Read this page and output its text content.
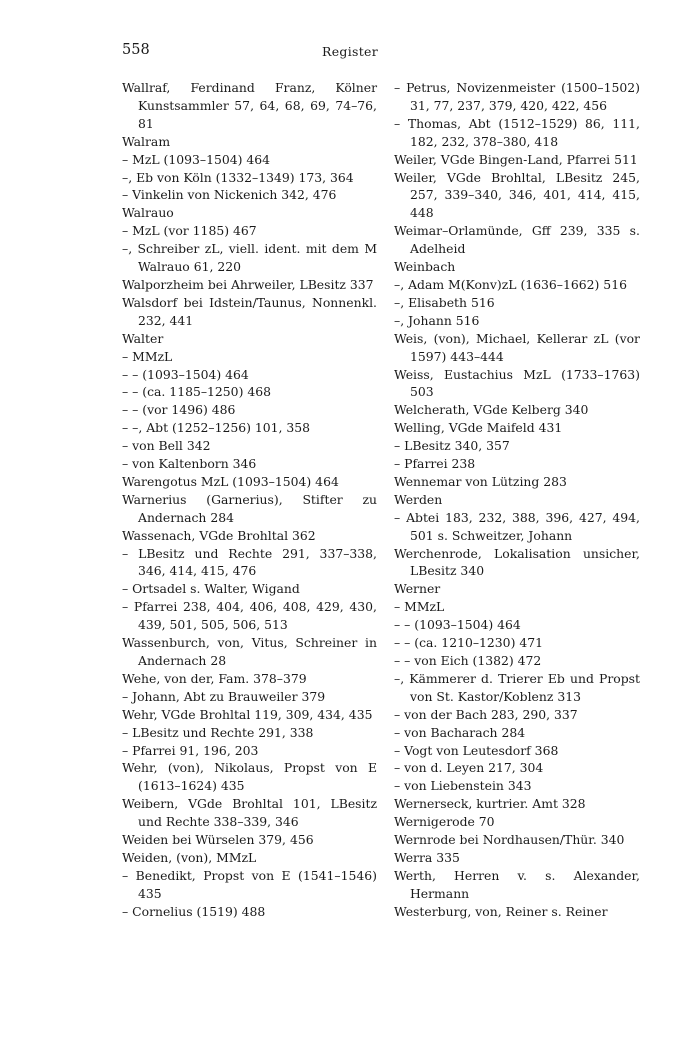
558	Register
Wallraf, Ferdinand Franz, Kölner Kunstsammler 57, 64, 68, 69, 74–76, 81
Walram
– MzL (1093–1504) 464
–, Eb von Köln (1332–1349) 173, 364
– Vinkelin von Nickenich 342, 476
Walrauo
– MzL (vor 1185) 467
–, Schreiber zL, viell. ident. mit dem M Walrauo 61, 220
Walporzheim bei Ahrweiler, LBesitz 337
Walsdorf bei Idstein/Taunus, Nonnenkl. 232, 441
Walter
– MMzL
– – (1093–1504) 464
– – (ca. 1185–1250) 468
– – (vor 1496) 486
– –, Abt (1252–1256) 101, 358
– von Bell 342
– von Kaltenborn 346
Warengotus MzL (1093–1504) 464
Warnerius (Garnerius), Stifter zu Andernach 284
Wassenach, VGde Brohltal 362
– LBesitz und Rechte 291, 337–338, 346, 414, 415, 476
– Ortsadel s. Walter, Wigand
– Pfarrei 238, 404, 406, 408, 429, 430, 439, 501, 505, 506, 513
Wassenburch, von, Vitus, Schreiner in Andernach 28
Wehe, von der, Fam. 378–379
– Johann, Abt zu Brauweiler 379
Wehr, VGde Brohltal 119, 309, 434, 435
– LBesitz und Rechte 291, 338
– Pfarrei 91, 196, 203
Wehr, (von), Nikolaus, Propst von E (1613–1624) 435
Weibern, VGde Brohltal 101, LBesitz und Rechte 338–339, 346
Weiden bei Würselen 379, 456
Weiden, (von), MMzL
– Benedikt, Propst von E (1541–1546) 435
– Cornelius (1519) 488
– Petrus, Novizenmeister (1500–1502) 31, 77, 237, 379, 420, 422, 456
– Thomas, Abt (1512–1529) 86, 111, 182, 232, 378–380, 418
Weiler, VGde Bingen-Land, Pfarrei 511
Weiler, VGde Brohltal, LBesitz 245, 257, 339–340, 346, 401, 414, 415, 448
Weimar–Orlamünde, Gff 239, 335 s. Adelheid
Weinbach
–, Adam M(Konv)zL (1636–1662) 516
–, Elisabeth 516
–, Johann 516
Weis, (von), Michael, Kellerar zL (vor 1597) 443–444
Weiss, Eustachius MzL (1733–1763) 503
Welcherath, VGde Kelberg 340
Welling, VGde Maifeld 431
– LBesitz 340, 357
– Pfarrei 238
Wennemar von Lützing 283
Werden
– Abtei 183, 232, 388, 396, 427, 494, 501 s. Schweitzer, Johann
Werchenrode, Lokalisation unsicher, LBesitz 340
Werner
– MMzL
– – (1093–1504) 464
– – (ca. 1210–1230) 471
– – von Eich (1382) 472
–, Kämmerer d. Trierer Eb und Propst von St. Kastor/Koblenz 313
– von der Bach 283, 290, 337
– von Bacharach 284
– Vogt von Leutesdorf 368
– von d. Leyen 217, 304
– von Liebenstein 343
Wernerseck, kurtrier. Amt 328
Wernigerode 70
Wernrode bei Nordhausen/Thür. 340
Werra 335
Werth, Herren v. s. Alexander, Hermann
Westerburg, von, Reiner s. Reiner
